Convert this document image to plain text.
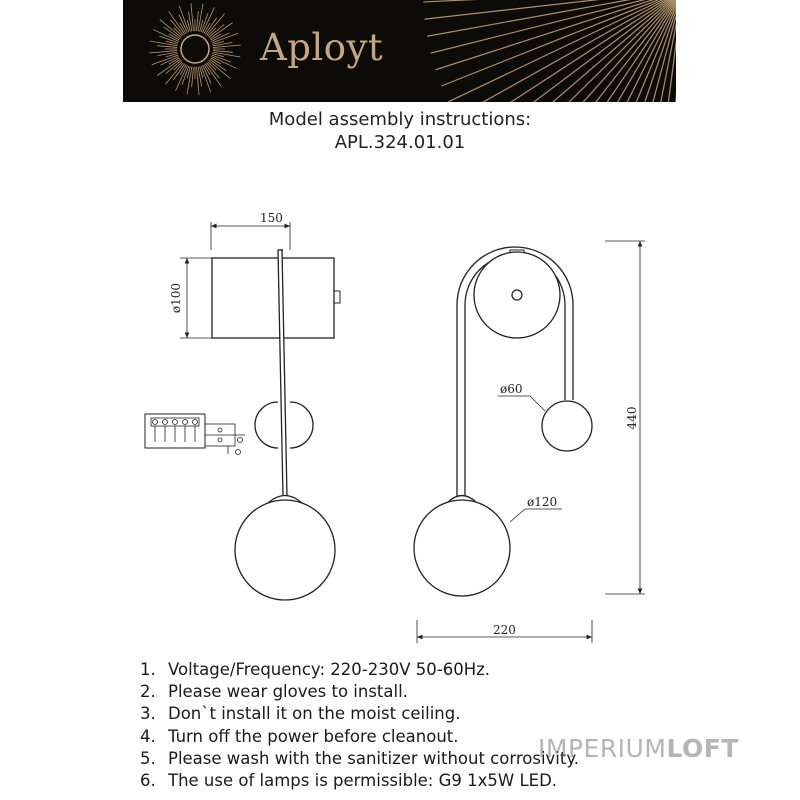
Aployt
Model assembly instructions:
APL.324.01.01
150
ø100
ø60
ø120
440
220
1. Voltage/Frequency: 220-230V 50-60Hz.
2. Please wear gloves to install.
3. Don`t install it on the moist ceiling.
4. Turn off the power before cleanout.
5. Please wash with the sanitizer without corrosivity.
6. The use of lamps is permissible: G9 1x5W LED.
IMPERIUMLOFT
